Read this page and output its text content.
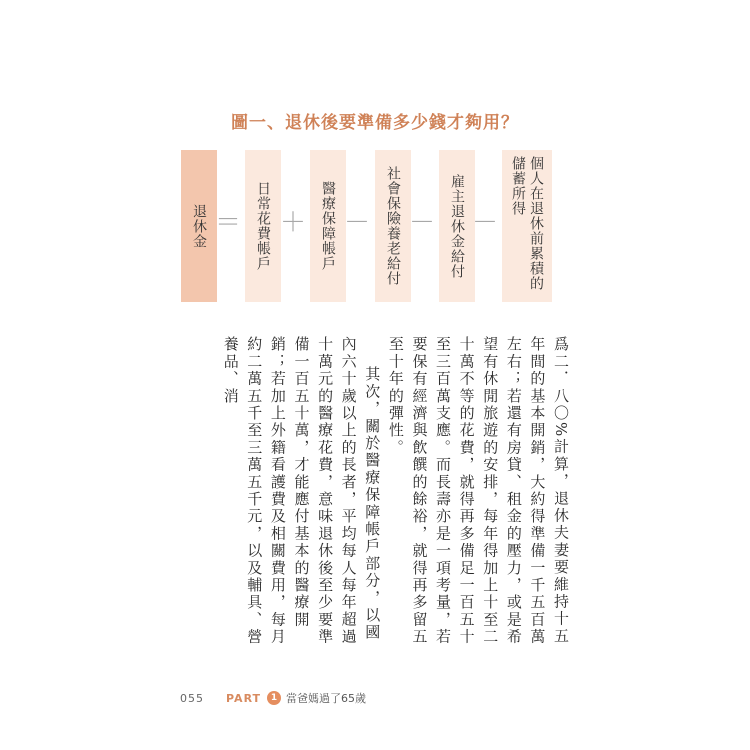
圖一、退休後要準備多少錢才夠用？
退休金 ＝ 日常花費帳戶 ＋ 醫療保障帳戶 － 社會保險養老給付 － 雇主退休金給付 －	個人在退休前累積的儲蓄所得

爲二．八〇%計算，退休夫妻要維持十五年間的基本開銷，大約得準備一千五百萬左右；若還有房貸、租金的壓力，或是希望有休閒旅遊的安排，每年得加上十至二十萬不等的花費，就得再多備足一百五十至三百萬支應。而長壽亦是一項考量，若要保有經濟與飲饌的餘裕，就得再多留五至十年的彈性。

其次，關於醫療保障帳戶部分，以國內六十歲以上的長者，平均每人每年超過十萬元的醫療花費，意味退休後至少要準備一百五十萬，才能應付基本的醫療開銷；若加上外籍看護費及相關費用，每月約二萬五千至三萬五千元，以及輔具、營養品、消

055 PART	1 當爸媽過了65歲
